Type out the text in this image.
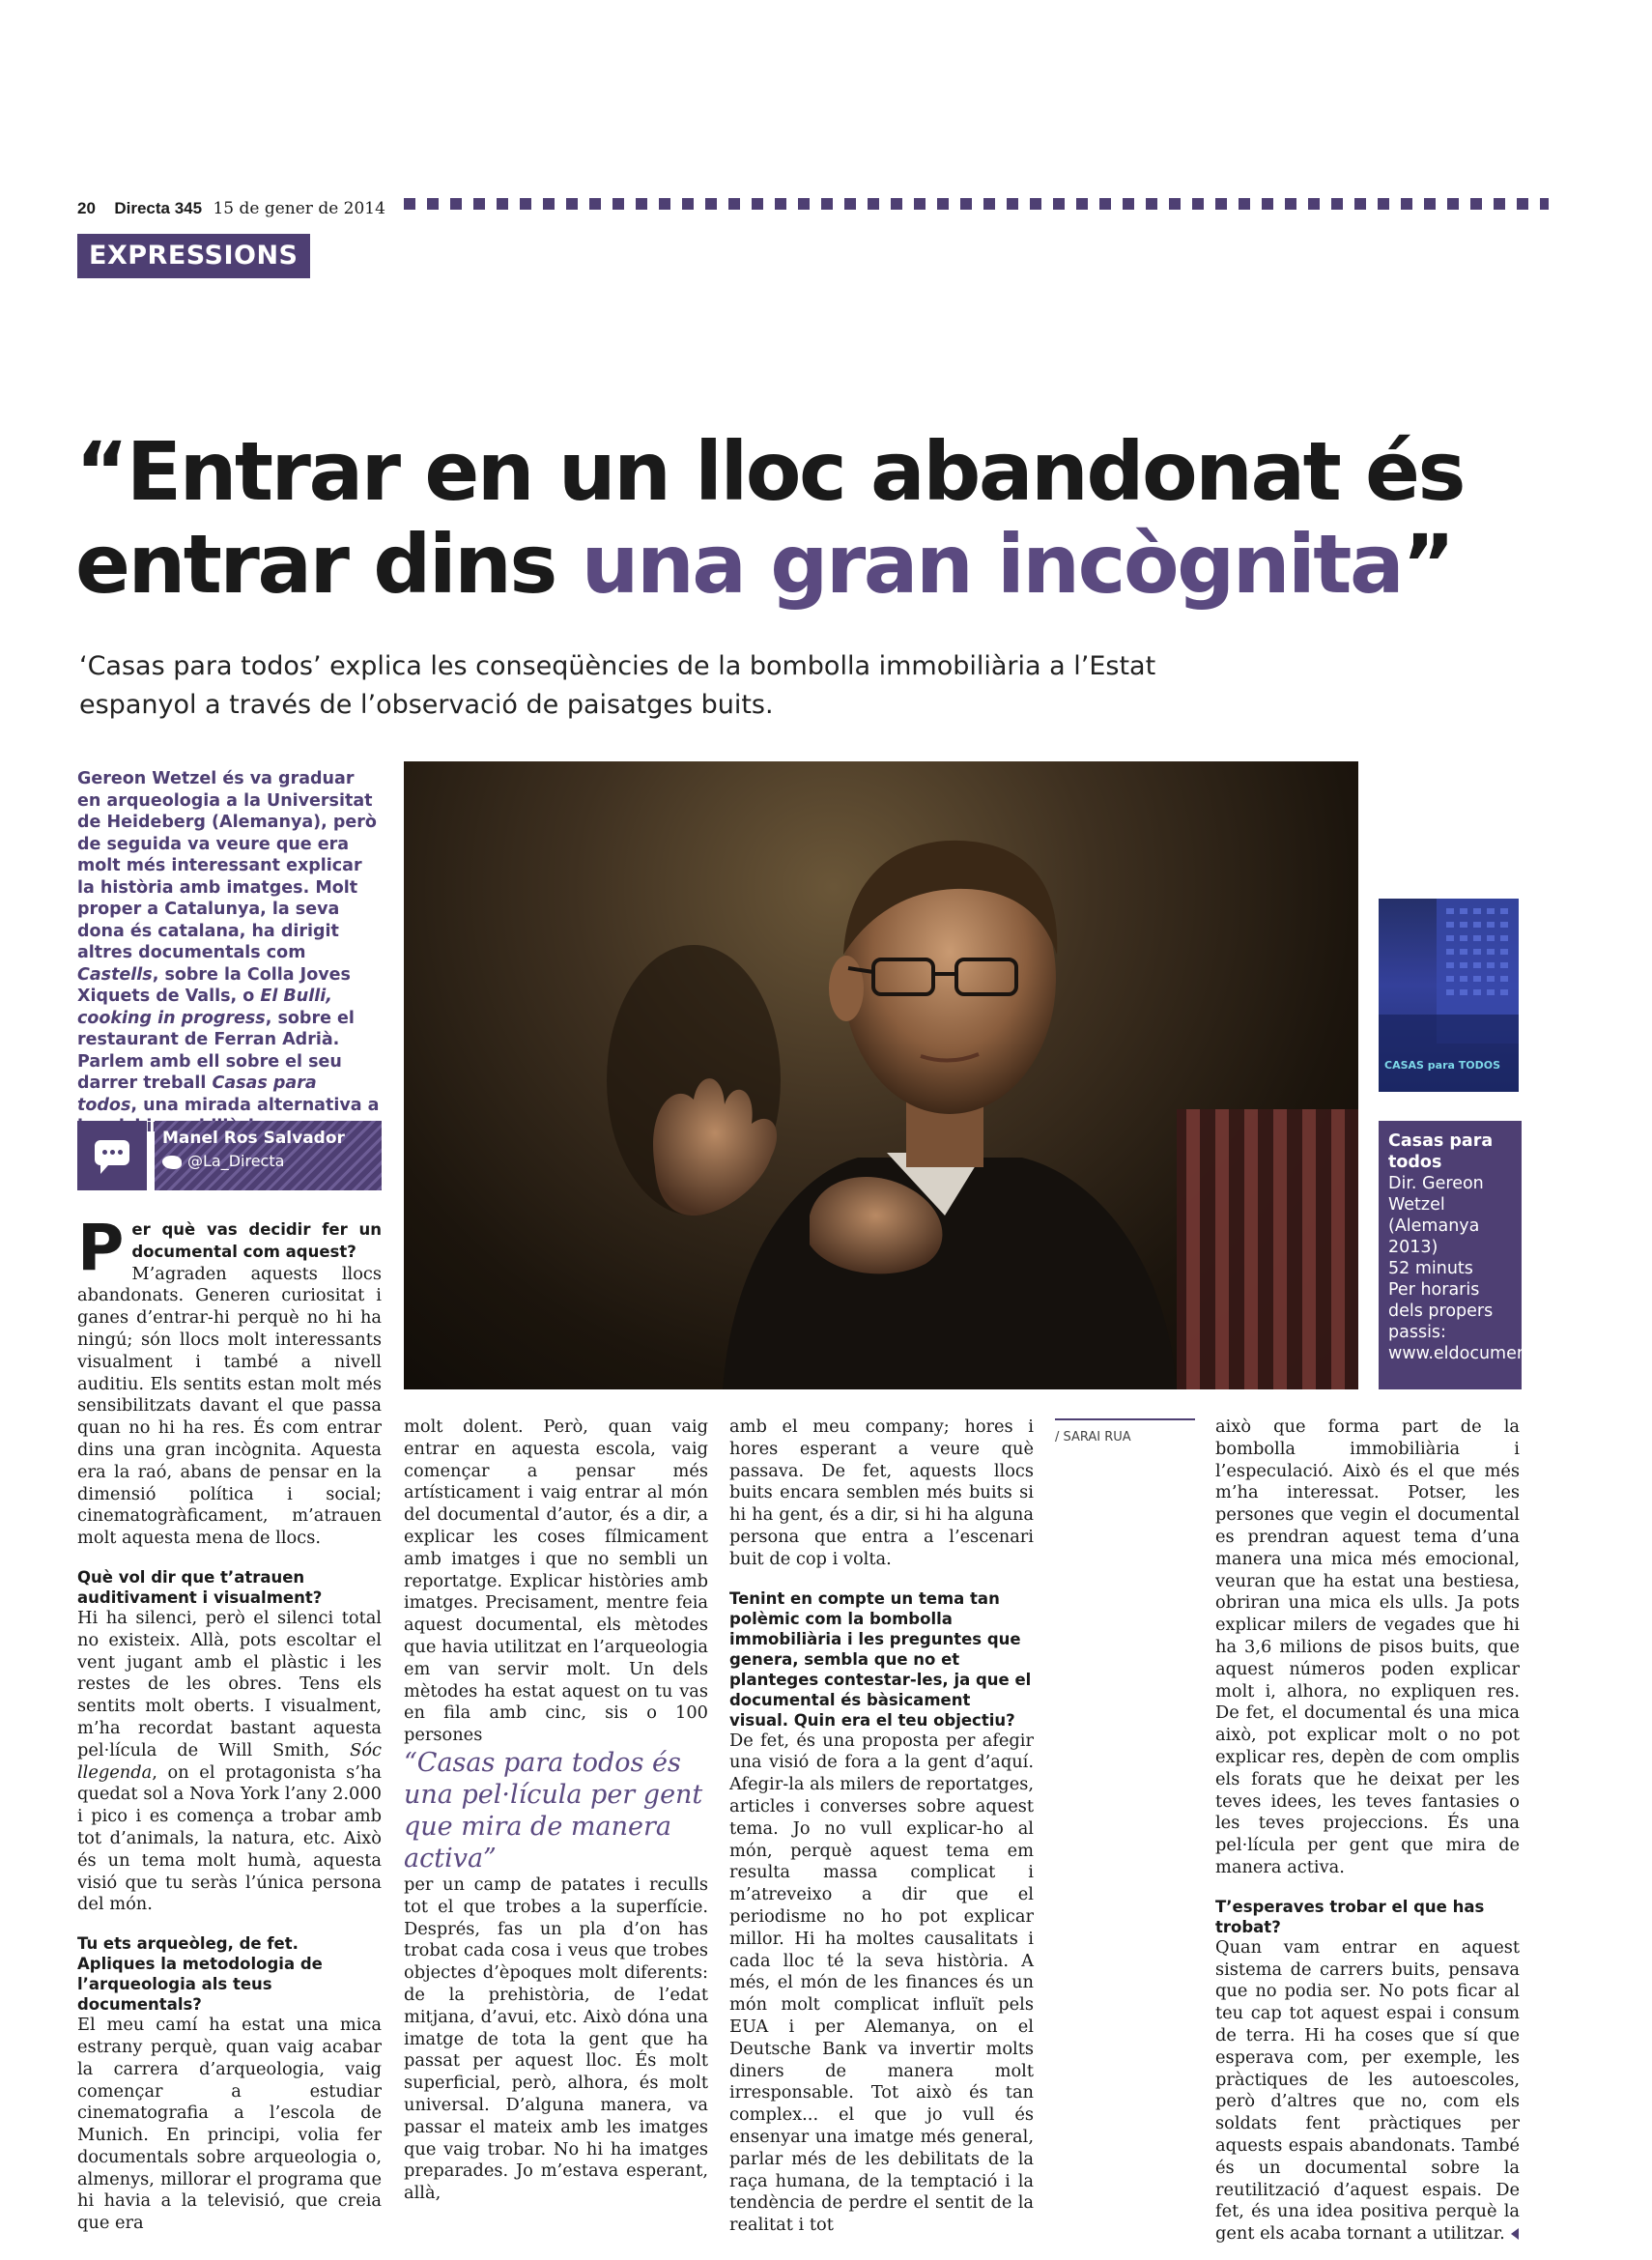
20 Directa 345 15 de gener de 2014
EXPRESSIONS
“Entrar en un lloc abandonat és entrar dins una gran incògnita”

‘Casas para todos’ explica les conseqüències de la bombolla immobiliària a l’Estat espanyol a través de l’observació de paisatges buits.

Gereon Wetzel és va graduar en arqueologia a la Universitat de Heideberg (Alemanya), però de seguida va veure que era molt més interessant explicar la història amb imatges. Molt proper a Catalunya, la seva dona és catalana, ha dirigit altres documentals com Castells, sobre la Colla Joves Xiquets de Valls, o El Bulli, cooking in progress, sobre el restaurant de Ferran Adrià. Parlem amb ell sobre el seu darrer treball Casas para todos, una mirada alternativa a

Manel Ros Salvador
@La_Directa
/ SARAI RUA
CASAS para TODOS
Casas para todos
Dir. Gereon Wetzel
(Alemanya 2013)
52 minuts
Per horaris dels propers passis: www.eldocumentaldelmes.com

Per què vas decidir fer un documental com aquest?
M’agraden aquests llocs abandonats. Generen curiositat i ganes d’entrar-hi perquè no hi ha ningú; són llocs molt interessants visualment i també a nivell auditiu. Els sentits estan molt més sensibilitzats davant el que passa quan no hi ha res. És com entrar dins una gran incògnita. Aquesta era la raó, abans de pensar en la dimensió política i social; cinematogràficament, m’atrauen molt aquesta mena de llocs.

Què vol dir que t’atrauen auditivament i visualment?

Hi ha silenci, però el silenci total no existeix. Allà, pots escoltar el vent jugant amb el plàstic i les restes de les obres. Tens els sentits molt oberts. I visualment, m’ha recordat bastant aquesta pel·lícula de Will Smith, Sóc llegenda, on el protagonista s’ha quedat sol a Nova York l’any 2.000 i pico i es comença a trobar amb tot d’animals, la natura, etc. Això és un tema molt humà, aquesta visió que tu seràs l’única persona del món.

Tu ets arqueòleg, de fet. Apliques la metodologia de l’arqueologia als teus documentals?

El meu camí ha estat una mica estrany perquè, quan vaig acabar la carrera d’arqueologia, vaig començar a estudiar cinematografia a l’escola de Munich. En principi, volia fer documentals sobre arqueologia o, almenys, millorar el programa que hi havia a la televisió, que creia que era

molt dolent. Però, quan vaig entrar en aquesta escola, vaig començar a pensar més artísticament i vaig entrar al món del documental d’autor, és a dir, a explicar les coses fílmicament amb imatges i que no sembli un reportatge. Explicar històries amb imatges. Precisament, mentre feia aquest documental, els mètodes que havia utilitzat en l’arqueologia em van servir molt. Un dels mètodes ha estat aquest on tu vas en fila amb cinc, sis o 100 persones

“Casas para todos és una pel·lícula per gent que mira de manera activa”

per un camp de patates i reculls tot el que trobes a la superfície. Després, fas un pla d’on has trobat cada cosa i veus que trobes objectes d’èpoques molt diferents: de la prehistòria, de l’edat mitjana, d’avui, etc. Això dóna una imatge de tota la gent que ha passat per aquest lloc. És molt superficial, però, alhora, és molt universal. D’alguna manera, va passar el mateix amb les imatges que vaig trobar. No hi ha imatges preparades. Jo m’estava esperant, allà,

amb el meu company; hores i hores esperant a veure què passava. De fet, aquests llocs buits encara semblen més buits si hi ha gent, és a dir, si hi ha alguna persona que entra a l’escenari buit de cop i volta.

Tenint en compte un tema tan polèmic com la bombolla immobiliària i les preguntes que genera, sembla que no et planteges contestar-les, ja que el documental és bàsicament visual. Quin era el teu objectiu?

De fet, és una proposta per afegir una visió de fora a la gent d’aquí. Afegir-la als milers de reportatges, articles i converses sobre aquest tema. Jo no vull explicar-ho al món, perquè aquest tema em resulta massa complicat i m’atreveixo a dir que el periodisme no ho pot explicar millor. Hi ha moltes causalitats i cada lloc té la seva història. A més, el món de les finances és un món molt complicat influït pels EUA i per Alemanya, on el Deutsche Bank va invertir molts diners de manera molt irresponsable. Tot això és tan complex... el que jo vull és ensenyar una imatge més general, parlar més de les debilitats de la raça humana, de la temptació i la tendència de perdre el sentit de la realitat i tot

això que forma part de la bombolla immobiliària i l’especulació. Això és el que més m’ha interessat. Potser, les persones que vegin el documental es prendran aquest tema d’una manera una mica més emocional, veuran que ha estat una bestiesa, obriran una mica els ulls. Ja pots explicar milers de vegades que hi ha 3,6 milions de pisos buits, que aquest números poden explicar molt i, alhora, no expliquen res. De fet, el documental és una mica això, pot explicar molt o no pot explicar res, depèn de com omplis els forats que he deixat per les teves idees, les teves fantasies o les teves projeccions. És una pel·lícula per gent que mira de manera activa.

T’esperaves trobar el que has trobat?

Quan vam entrar en aquest sistema de carrers buits, pensava que no podia ser. No pots ficar al teu cap tot aquest espai i consum de terra. Hi ha coses que sí que esperava com, per exemple, les pràctiques de les autoescoles, però d’altres que no, com els soldats fent pràctiques per aquests espais abandonats. També és un documental sobre la reutilització d’aquest espais. De fet, és una idea positiva perquè la gent els acaba tornant a utilitzar.
